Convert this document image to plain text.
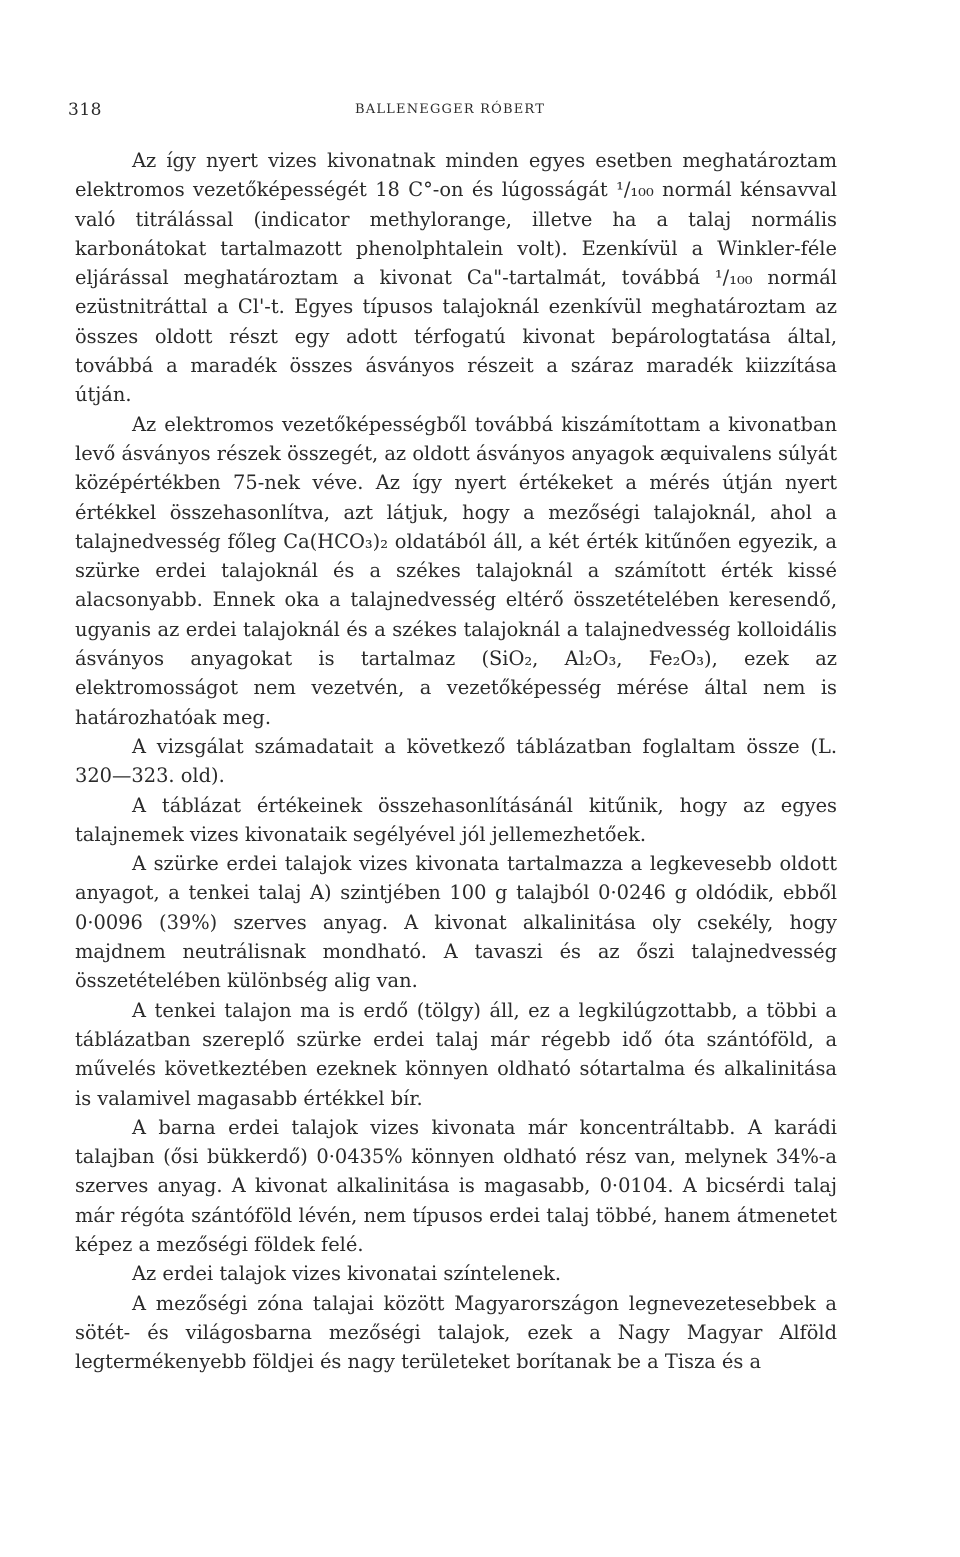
318	BALLENEGGER RÓBERT

Az így nyert vizes kivonatnak minden egyes esetben meghatároztam elektromos vezetőképességét 18 C°-on és lúgosságát ¹/₁₀₀ normál kénsavval való titrálással (indicator methylorange, illetve ha a talaj normális karbonátokat tartalmazott phenolphtalein volt). Ezenkívül a Winkler-féle eljárással meghatároztam a kivonat Ca"-tartalmát, továbbá ¹/₁₀₀ normál ezüstnitráttal a Cl'-t. Egyes típusos talajoknál ezenkívül meghatároztam az összes oldott részt egy adott térfogatú kivonat bepárologtatása által, továbbá a maradék összes ásványos részeit a száraz maradék kiizzítása útján.

Az elektromos vezetőképességből továbbá kiszámítottam a kivonatban levő ásványos részek összegét, az oldott ásványos anyagok æquivalens súlyát középértékben 75-nek véve. Az így nyert értékeket a mérés útján nyert értékkel összehasonlítva, azt látjuk, hogy a mezőségi talajoknál, ahol a talajnedvesség főleg Ca(HCO₃)₂ oldatából áll, a két érték kitűnően egyezik, a szürke erdei talajoknál és a székes talajoknál a számított érték kissé alacsonyabb. Ennek oka a talajnedvesség eltérő összetételében keresendő, ugyanis az erdei talajoknál és a székes talajoknál a talajnedvesség kolloidális ásványos anyagokat is tartalmaz (SiO₂, Al₂O₃, Fe₂O₃), ezek az elektromosságot nem vezetvén, a vezetőképesség mérése által nem is határozhatóak meg.

A vizsgálat számadatait a következő táblázatban foglaltam össze (L. 320—323. old).

A táblázat értékeinek összehasonlításánál kitűnik, hogy az egyes talajnemek vizes kivonataik segélyével jól jellemezhetőek.

A szürke erdei talajok vizes kivonata tartalmazza a legkevesebb oldott anyagot, a tenkei talaj A) szintjében 100 g talajból 0·0246 g oldódik, ebből 0·0096 (39%) szerves anyag. A kivonat alkalinitása oly csekély, hogy majdnem neutrálisnak mondható. A tavaszi és az őszi talajnedvesség összetételében különbség alig van.

A tenkei talajon ma is erdő (tölgy) áll, ez a legkilúgzottabb, a többi a táblázatban szereplő szürke erdei talaj már régebb idő óta szántóföld, a művelés következtében ezeknek könnyen oldható sótartalma és alkalinitása is valamivel magasabb értékkel bír.

A barna erdei talajok vizes kivonata már koncentráltabb. A karádi talajban (ősi bükkerdő) 0·0435% könnyen oldható rész van, melynek 34%-a szerves anyag. A kivonat alkalinitása is magasabb, 0·0104. A bicsérdi talaj már régóta szántóföld lévén, nem típusos erdei talaj többé, hanem átmenetet képez a mezőségi földek felé.

Az erdei talajok vizes kivonatai színtelenek.

A mezőségi zóna talajai között Magyarországon legnevezetesebbek a sötét- és világosbarna mezőségi talajok, ezek a Nagy Magyar Alföld legtermékenyebb földjei és nagy területeket borítanak be a Tisza és a
